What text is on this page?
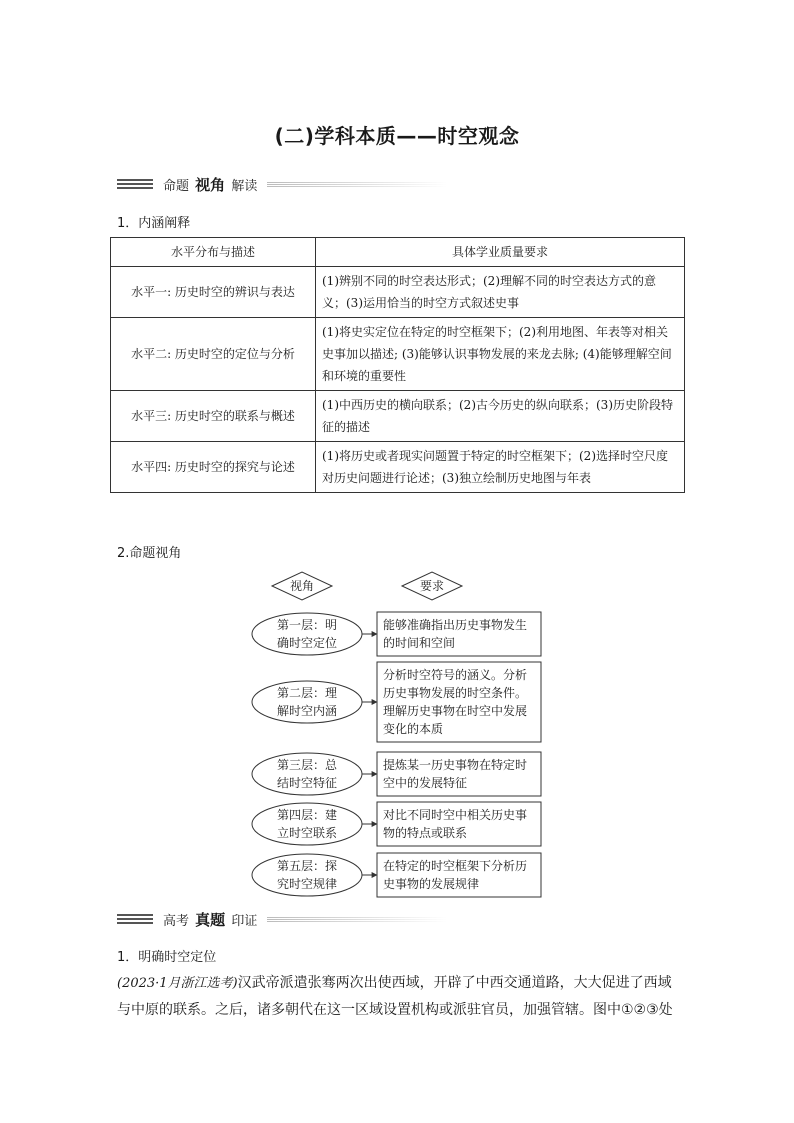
(二)学科本质——时空观念
命题 视角 解读
1．内涵阐释
水平分布与描述	具体学业质量要求
水平一: 历史时空的辨识与表达	(1)辨别不同的时空表达形式；(2)理解不同的时空表达方式的意义；(3)运用恰当的时空方式叙述史事
水平二: 历史时空的定位与分析	(1)将史实定位在特定的时空框架下；(2)利用地图、年表等对相关史事加以描述; (3)能够认识事物发展的来龙去脉; (4)能够理解空间和环境的重要性
水平三: 历史时空的联系与概述	(1)中西历史的横向联系；(2)古今历史的纵向联系；(3)历史阶段特征的描述
水平四: 历史时空的探究与论述	(1)将历史或者现实问题置于特定的时空框架下；(2)选择时空尺度对历史问题进行论述；(3)独立绘制历史地图与年表
2.命题视角
视角	要求
第一层：明
确时空定位
能够准确指出历史事物发生
的时间和空间
第二层：理
解时空内涵
分析时空符号的涵义。分析
历史事物发展的时空条件。
理解历史事物在时空中发展
变化的本质
第三层：总
结时空特征
提炼某一历史事物在特定时
空中的发展特征
第四层：建
立时空联系
对比不同时空中相关历史事
物的特点或联系
第五层：探
究时空规律
在特定的时空框架下分析历
史事物的发展规律
高考 真题 印证
1．明确时空定位
(2023·1月浙江选考)汉武帝派遣张骞两次出使西域，开辟了中西交通道路，大大促进了西域
与中原的联系。之后，诸多朝代在这一区域设置机构或派驻官员，加强管辖。图中①②③处
